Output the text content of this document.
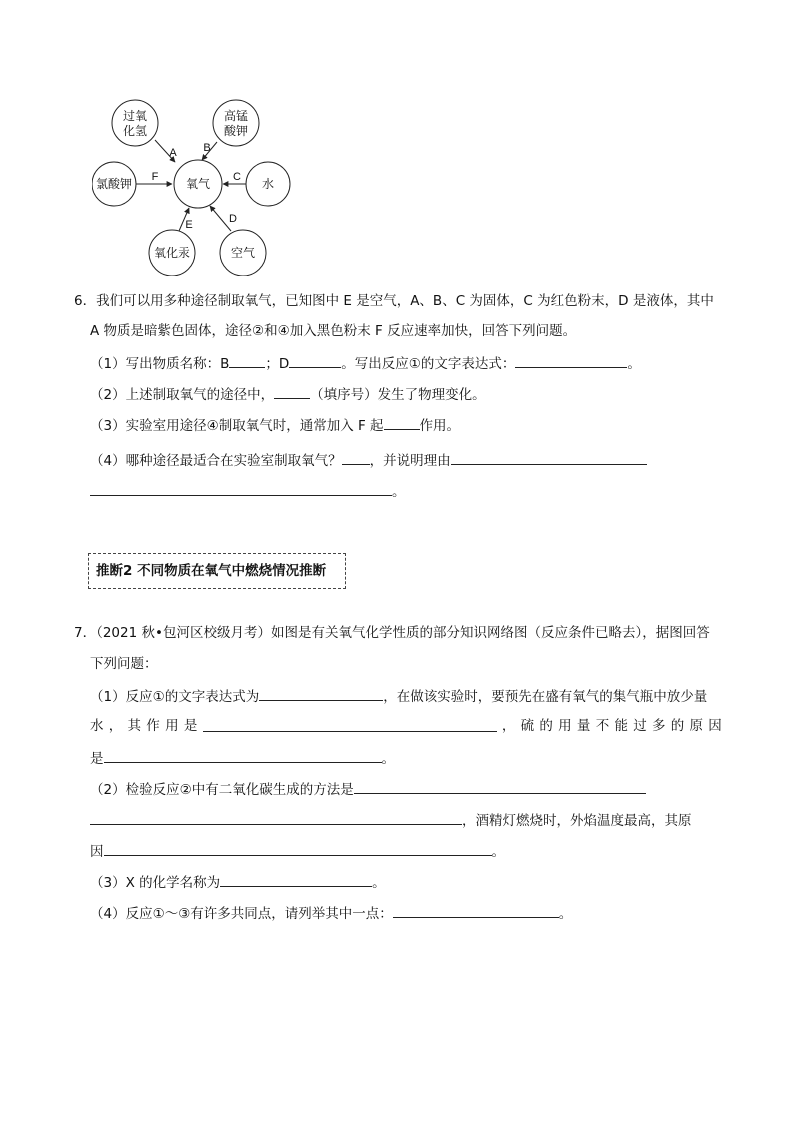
氧气
过氧
化氢
高锰
酸钾
氯酸钾	水
氧化汞	空气
A B
F	C
E	D
6．我们可以用多种途径制取氧气，已知图中 E 是空气，A、B、C 为固体，C 为红色粉末，D 是液体，其中
A 物质是暗紫色固体，途径②和④加入黑色粉末 F 反应速率加快，回答下列问题。
（1）写出物质名称：B	；D	。写出反应①的文字表达式：	。
（2）上述制取氧气的途径中，	（填序号）发生了物理变化。
（3）实验室用途径④制取氧气时，通常加入 F 起	作用。
（4）哪种途径最适合在实验室制取氧气？ ，并说明理由
。
推断2 不同物质在氧气中燃烧情况推断
7．（2021 秋•包河区校级月考）如图是有关氧气化学性质的部分知识网络图（反应条件已略去），据图回答
下列问题：
（1）反应①的文字表达式为	，在做该实验时，要预先在盛有氧气的集气瓶中放少量
水 ， 其 作 用 是	， 硫 的 用 量 不 能 过 多 的 原 因
是	。
（2）检验反应②中有二氧化碳生成的方法是
，酒精灯燃烧时，外焰温度最高，其原
因	。
（3）X 的化学名称为	。
（4）反应①～③有许多共同点，请列举其中一点：	。
